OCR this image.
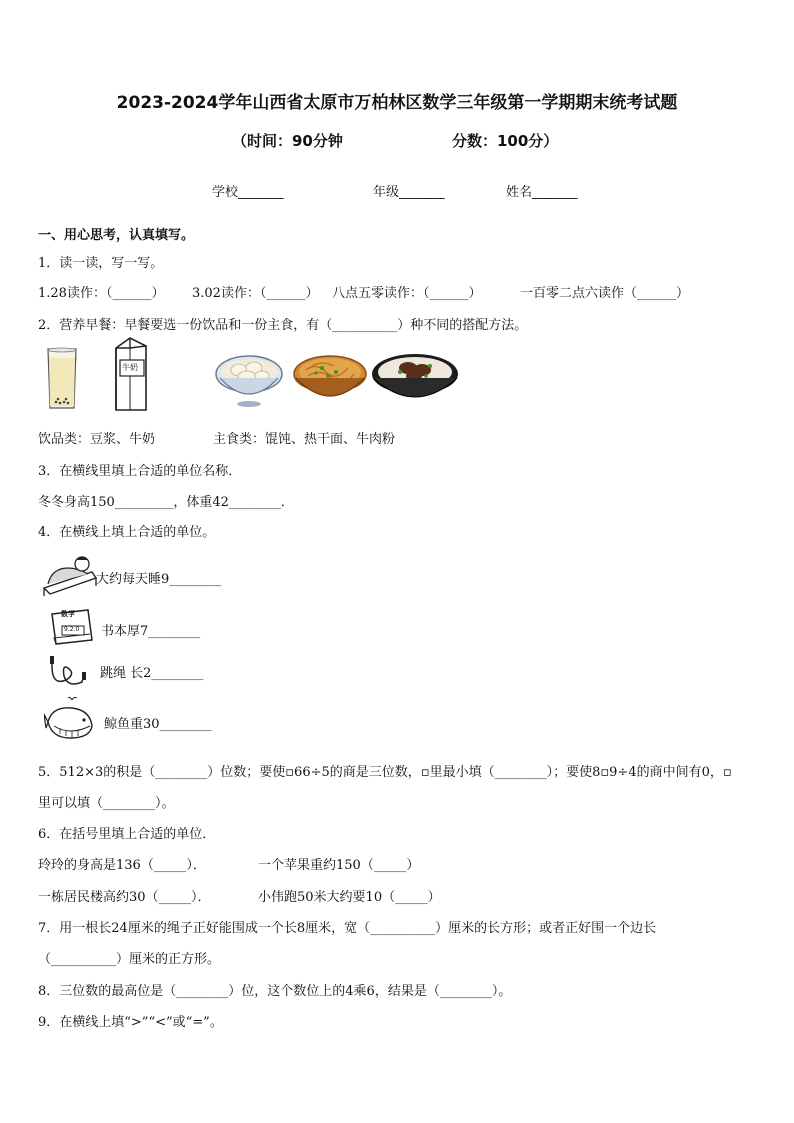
2023-2024学年山西省太原市万柏林区数学三年级第一学期期末统考试题
（时间：90分钟	分数：100分）
学校_______	年级_______	姓名_______
一、用心思考，认真填写。
1．读一读，写一写。
1.28读作：（______） 3.02读作：（______） 八点五零读作：（______）	一百零二点六读作（______）
2．营养早餐：早餐要选一份饮品和一份主食，有（__________）种不同的搭配方法。
牛奶
饮品类：豆浆、牛奶	主食类：馄饨、热干面、牛肉粉
3．在横线里填上合适的单位名称．
冬冬身高150_________，体重42________．
4．在横线上填上合适的单位。
大约每天睡9________
数学
9.2.0 书本厚7________
跳绳 长2________
鲸鱼重30________
5．512×3的积是（________）位数；要使▫66÷5的商是三位数，▫里最小填（________）；要使8▫9÷4的商中间有0，▫
里可以填（________）。
6．在括号里填上合适的单位．
玲玲的身高是136（_____）．	一个苹果重约150（_____）
一栋居民楼高约30（_____）．	小伟跑50米大约要10（_____）
7．用一根长24厘米的绳子正好能围成一个长8厘米，宽（__________）厘米的长方形；或者正好围一个边长
（__________）厘米的正方形。
8．三位数的最高位是（________）位，这个数位上的4乘6，结果是（________）。
9．在横线上填“>”“<”或“=”。
